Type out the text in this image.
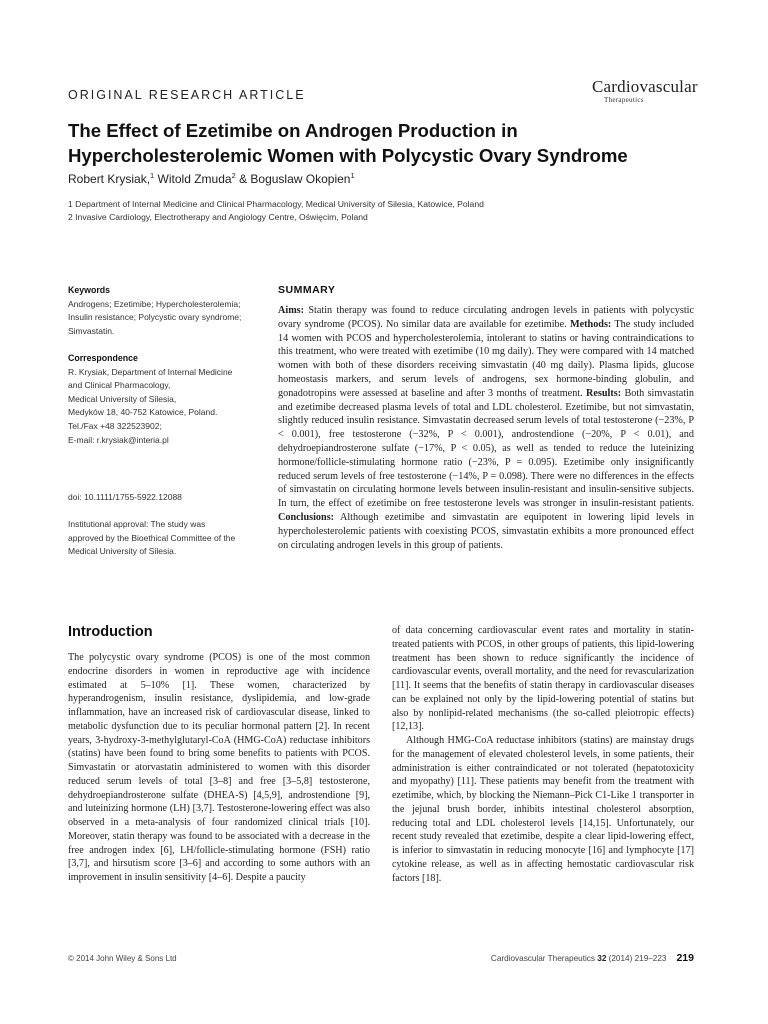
ORIGINAL RESEARCH ARTICLE	Cardiovascular
Therapeutics
The Effect of Ezetimibe on Androgen Production in
Hypercholesterolemic Women with Polycystic Ovary Syndrome
Robert Krysiak,$^1$ Witold Zmuda$^2$ & Boguslaw Okopien$^1$
1 Department of Internal Medicine and Clinical Pharmacology, Medical University of Silesia, Katowice, Poland
2 Invasive Cardiology, Electrotherapy and Angiology Centre, Oświęcim, Poland
Keywords
Androgens; Ezetimibe; Hypercholesterolemia;
Insulin resistance; Polycystic ovary syndrome;
Simvastatin.
Correspondence
R. Krysiak, Department of Internal Medicine
and Clinical Pharmacology,
Medical University of Silesia,
Medyków 18, 40-752 Katowice, Poland.
Tel./Fax +48 322523902;
E-mail: r.krysiak@interia.pl
doi: 10.1111/1755-5922.12088
Institutional approval: The study was
approved by the Bioethical Committee of the
Medical University of Silesia.
SUMMARY
Aims: Statin therapy was found to reduce circulating androgen levels in patients with polycystic ovary syndrome (PCOS). No similar data are available for ezetimibe. Methods: The study included 14 women with PCOS and hypercholesterolemia, intolerant to statins or having contraindications to this treatment, who were treated with ezetimibe (10 mg daily). They were compared with 14 matched women with both of these disorders receiving simvastatin (40 mg daily). Plasma lipids, glucose homeostasis markers, and serum levels of androgens, sex hormone-binding globulin, and gonadotropins were assessed at baseline and after 3 months of treatment. Results: Both simvastatin and ezetimibe decreased plasma levels of total and LDL cholesterol. Ezetimibe, but not simvastatin, slightly reduced insulin resistance. Simvastatin decreased serum levels of total testosterone (−23%, P < 0.001), free testosterone (−32%, P < 0.001), androstendione (−20%, P < 0.01), and dehydroepiandrosterone sulfate (−17%, P < 0.05), as well as tended to reduce the luteinizing hormone/follicle-stimulating hormone ratio (−23%, P = 0.095). Ezetimibe only insignificantly reduced serum levels of free testosterone (−14%, P = 0.098). There were no differences in the effects of simvastatin on circulating hormone levels between insulin-resistant and insulin-sensitive subjects. In turn, the effect of ezetimibe on free testosterone levels was stronger in insulin-resistant patients. Conclusions: Although ezetimibe and simvastatin are equipotent in lowering lipid levels in hypercholesterolemic patients with coexisting PCOS, simvastatin exhibits a more pronounced effect on circulating androgen levels in this group of patients.
Introduction

The polycystic ovary syndrome (PCOS) is one of the most common endocrine disorders in women in reproductive age with incidence estimated at 5–10% [1]. These women, characterized by hyperandrogenism, insulin resistance, dyslipidemia, and low-grade inflammation, have an increased risk of cardiovascular disease, linked to metabolic dysfunction due to its peculiar hormonal pattern [2]. In recent years, 3-hydroxy-3-methylglutaryl-CoA (HMG-CoA) reductase inhibitors (statins) have been found to bring some benefits to patients with PCOS. Simvastatin or atorvastatin administered to women with this disorder reduced serum levels of total [3–8] and free [3–5,8] testosterone, dehydroepiandrosterone sulfate (DHEA-S) [4,5,9], androstendione [9], and luteinizing hormone (LH) [3,7]. Testosterone-lowering effect was also observed in a meta-analysis of four randomized clinical trials [10]. Moreover, statin therapy was found to be associated with a decrease in the free androgen index [6], LH/follicle-stimulating hormone (FSH) ratio [3,7], and hirsutism score [3–6] and according to some authors with an improvement in insulin sensitivity [4–6]. Despite a paucity

of data concerning cardiovascular event rates and mortality in statin-treated patients with PCOS, in other groups of patients, this lipid-lowering treatment has been shown to reduce significantly the incidence of cardiovascular events, overall mortality, and the need for revascularization [11]. It seems that the benefits of statin therapy in cardiovascular diseases can be explained not only by the lipid-lowering potential of statins but also by nonlipid-related mechanisms (the so-called pleiotropic effects) [12,13].

Although HMG-CoA reductase inhibitors (statins) are mainstay drugs for the management of elevated cholesterol levels, in some patients, their administration is either contraindicated or not tolerated (hepatotoxicity and myopathy) [11]. These patients may benefit from the treatment with ezetimibe, which, by blocking the Niemann–Pick C1-Like 1 transporter in the jejunal brush border, inhibits intestinal cholesterol absorption, reducing total and LDL cholesterol levels [14,15]. Unfortunately, our recent study revealed that ezetimibe, despite a clear lipid-lowering effect, is inferior to simvastatin in reducing monocyte [16] and lymphocyte [17] cytokine release, as well as in affecting hemostatic cardiovascular risk factors [18].

© 2014 John Wiley & Sons Ltd	Cardiovascular Therapeutics 32 (2014) 219–223 219
